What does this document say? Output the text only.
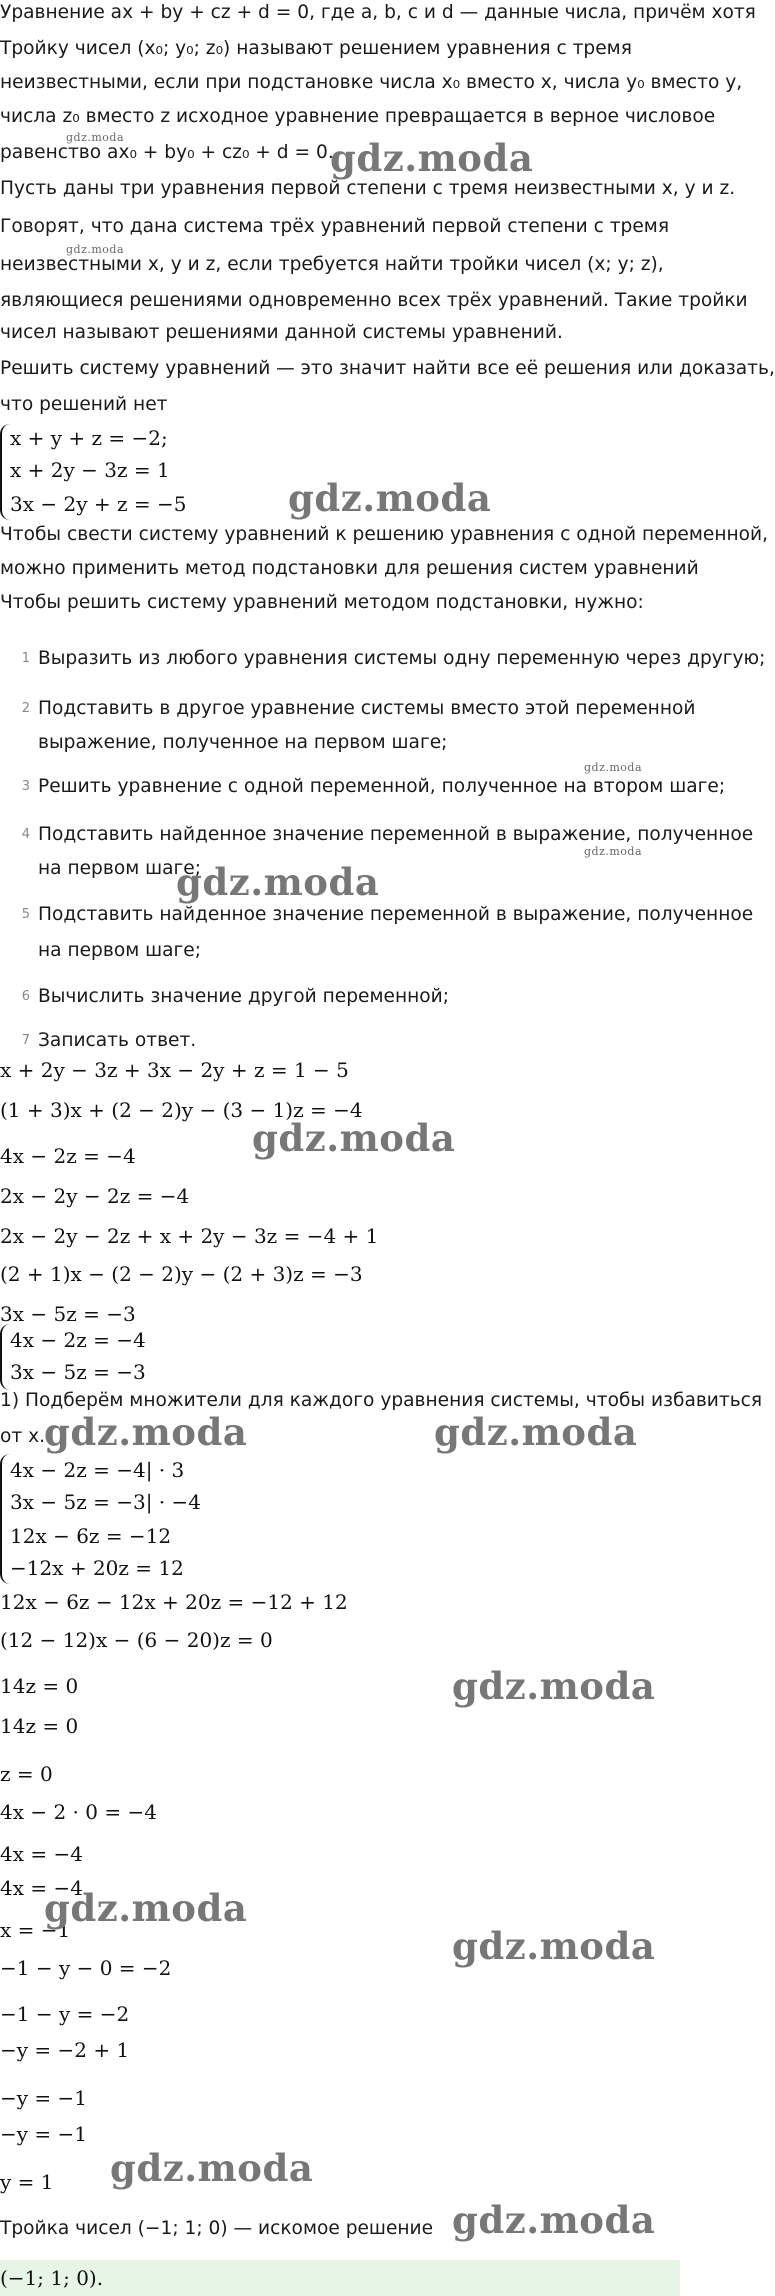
Уравнение ax + by + cz + d = 0, где a, b, c и d — данные числа, причём хотя
Тройку чисел (x₀; y₀; z₀) называют решением уравнения с тремя
неизвестными, если при подстановке числа x₀ вместо x, числа y₀ вместо y,
числа z₀ вместо z исходное уравнение превращается в верное числовое
равенство ax₀ + by₀ + cz₀ + d = 0.
Пусть даны три уравнения первой степени с тремя неизвестными x, y и z.
Говорят, что дана система трёх уравнений первой степени с тремя
неизвестными x, y и z, если требуется найти тройки чисел (x; y; z),
являющиеся решениями одновременно всех трёх уравнений. Такие тройки
чисел называют решениями данной системы уравнений.
Решить систему уравнений — это значит найти все её решения или доказать,
что решений нет
x + y + z = −2;
x + 2y − 3z = 1
3x − 2y + z = −5
Чтобы свести систему уравнений к решению уравнения с одной переменной,
можно применить метод подстановки для решения систем уравнений
Чтобы решить систему уравнений методом подстановки, нужно:
1 Выразить из любого уравнения системы одну переменную через другую;
2 Подставить в другое уравнение системы вместо этой переменной
выражение, полученное на первом шаге;
3 Решить уравнение с одной переменной, полученное на втором шаге;
4 Подставить найденное значение переменной в выражение, полученное
на первом шаге;
5 Подставить найденное значение переменной в выражение, полученное
на первом шаге;
6 Вычислить значение другой переменной;
7 Записать ответ.
x + 2y − 3z + 3x − 2y + z = 1 − 5
(1 + 3)x + (2 − 2)y − (3 − 1)z = −4
4x − 2z = −4
2x − 2y − 2z = −4
2x − 2y − 2z + x + 2y − 3z = −4 + 1
(2 + 1)x − (2 − 2)y − (2 + 3)z = −3
3x − 5z = −3
4x − 2z = −4
3x − 5z = −3
1) Подберём множители для каждого уравнения системы, чтобы избавиться
от x.
4x − 2z = −4| · 3
3x − 5z = −3| · −4
12x − 6z = −12
−12x + 20z = 12
12x − 6z − 12x + 20z = −12 + 12
(12 − 12)x − (6 − 20)z = 0
14z = 0
14z = 0
z = 0
4x − 2 · 0 = −4
4x = −4
4x = −4
x = −1
−1 − y − 0 = −2
−1 − y = −2
−y = −2 + 1
−y = −1
−y = −1
y = 1
Тройка чисел (−1; 1; 0) — искомое решение
(−1; 1; 0).
gdz.moda	gdz.moda
gdz.moda
gdz.moda
gdz.moda
gdz.moda
gdz.moda
gdz.moda
gdz.moda	gdz.moda
gdz.moda
gdz.moda
gdz.moda
gdz.moda
gdz.moda
